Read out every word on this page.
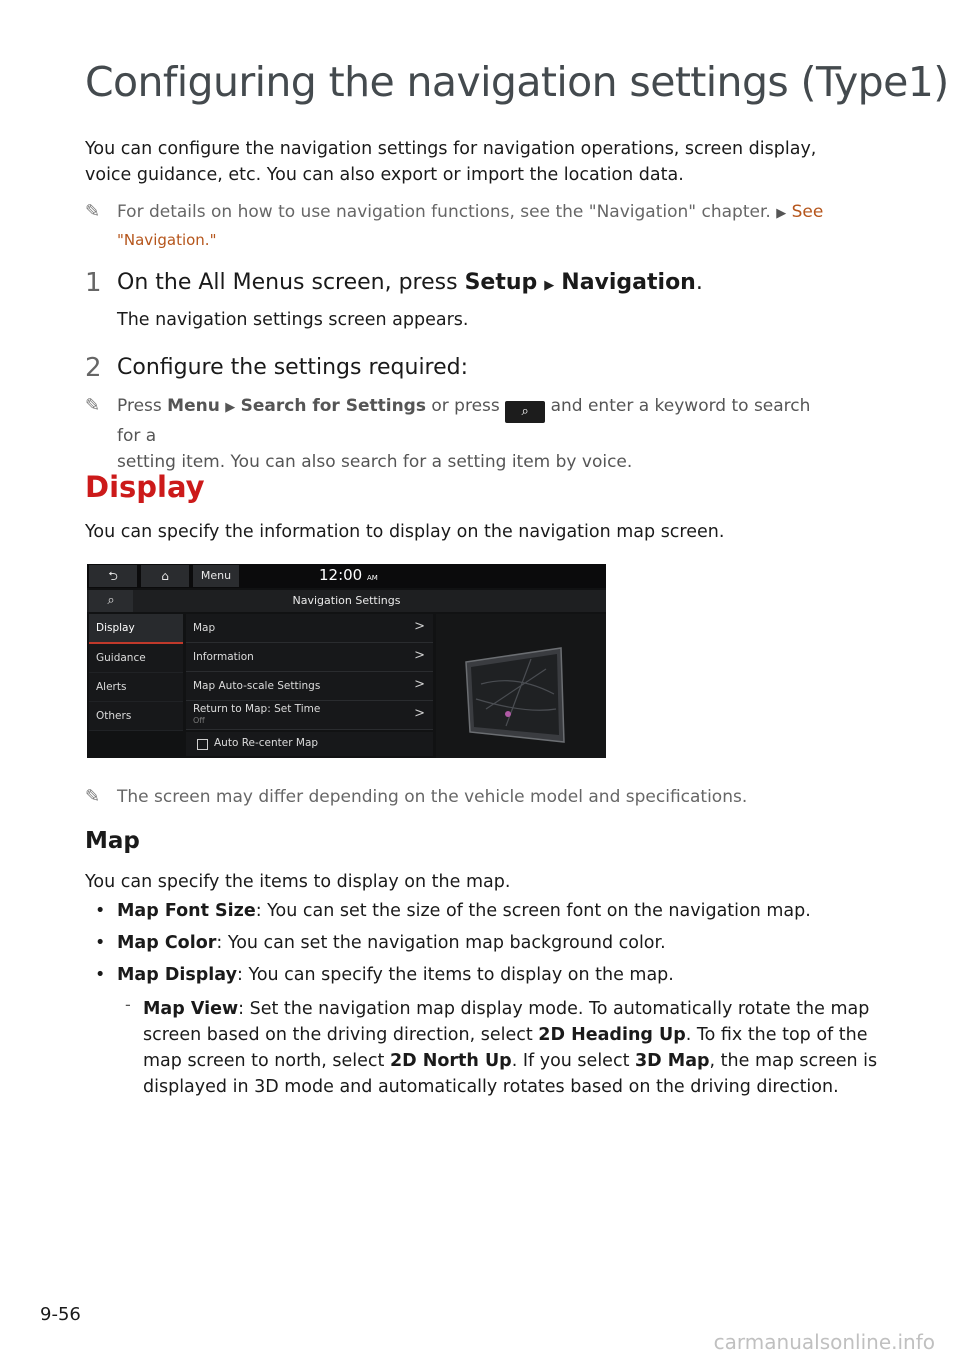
Configuring the navigation settings (Type1)
You can configure the navigation settings for navigation operations, screen display, voice guidance, etc. You can also export or import the location data.
✎ For details on how to use navigation functions, see the "Navigation" chapter. ▶ See "Navigation."
1 On the All Menus screen, press Setup ▶ Navigation.
The navigation settings screen appears.
2 Configure the settings required:
✎ Press Menu ▶ Search for Settings or press ⌕ and enter a keyword to search for a
setting item. You can also search for a setting item by voice.
Display
You can specify the information to display on the navigation map screen.
⮌	⌂	Menu	12:00 AM
⌕	Navigation Settings
Display
Guidance
Alerts
Others
Map	>
Information	>
Map Auto-scale Settings	>
Return to Map: Set Time
Off	>
Auto Re-center Map
✎ The screen may differ depending on the vehicle model and specifications.
Map
You can specify the items to display on the map.
• Map Font Size: You can set the size of the screen font on the navigation map.
• Map Color: You can set the navigation map background color.
• Map Display: You can specify the items to display on the map.
- Map View: Set the navigation map display mode. To automatically rotate the map screen based on the driving direction, select 2D Heading Up. To fix the top of the map screen to north, select 2D North Up. If you select 3D Map, the map screen is displayed in 3D mode and automatically rotates based on the driving direction.
9-56
carmanualsonline.info
